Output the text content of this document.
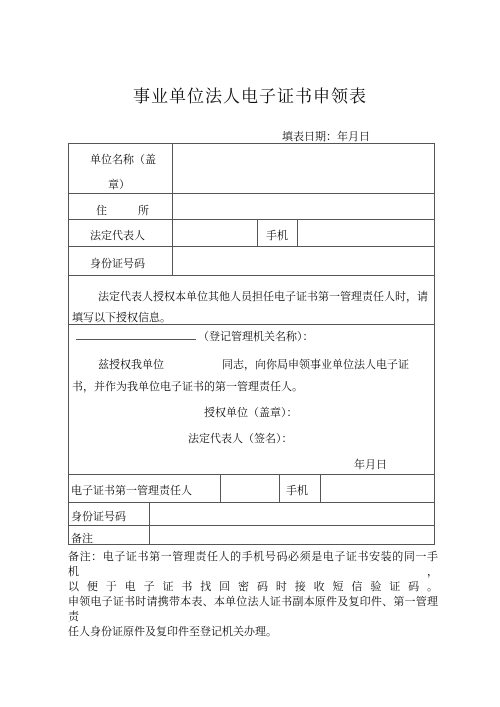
事业单位法人电子证书申领表
填表日期：年月日
单位名称（盖
章）
住	所
法定代表人	手机
身份证号码
法定代表人授权本单位其他人员担任电子证书第一管理责任人时，请
填写以下授权信息。
（登记管理机关名称）：
兹授权我单位	同志，向你局申领事业单位法人电子证
书，并作为我单位电子证书的第一管理责任人。
授权单位（盖章）：
法定代表人（签名）：
年月日
电子证书第一管理责任人	手机
身份证号码
备注
备注：电子证书第一管理责任人的手机号码必须是电子证书安装的同一手机，
以便于电子证书找回密码时接收短信验证码。
申领电子证书时请携带本表、本单位法人证书副本原件及复印件、第一管理责
任人身份证原件及复印件至登记机关办理。
